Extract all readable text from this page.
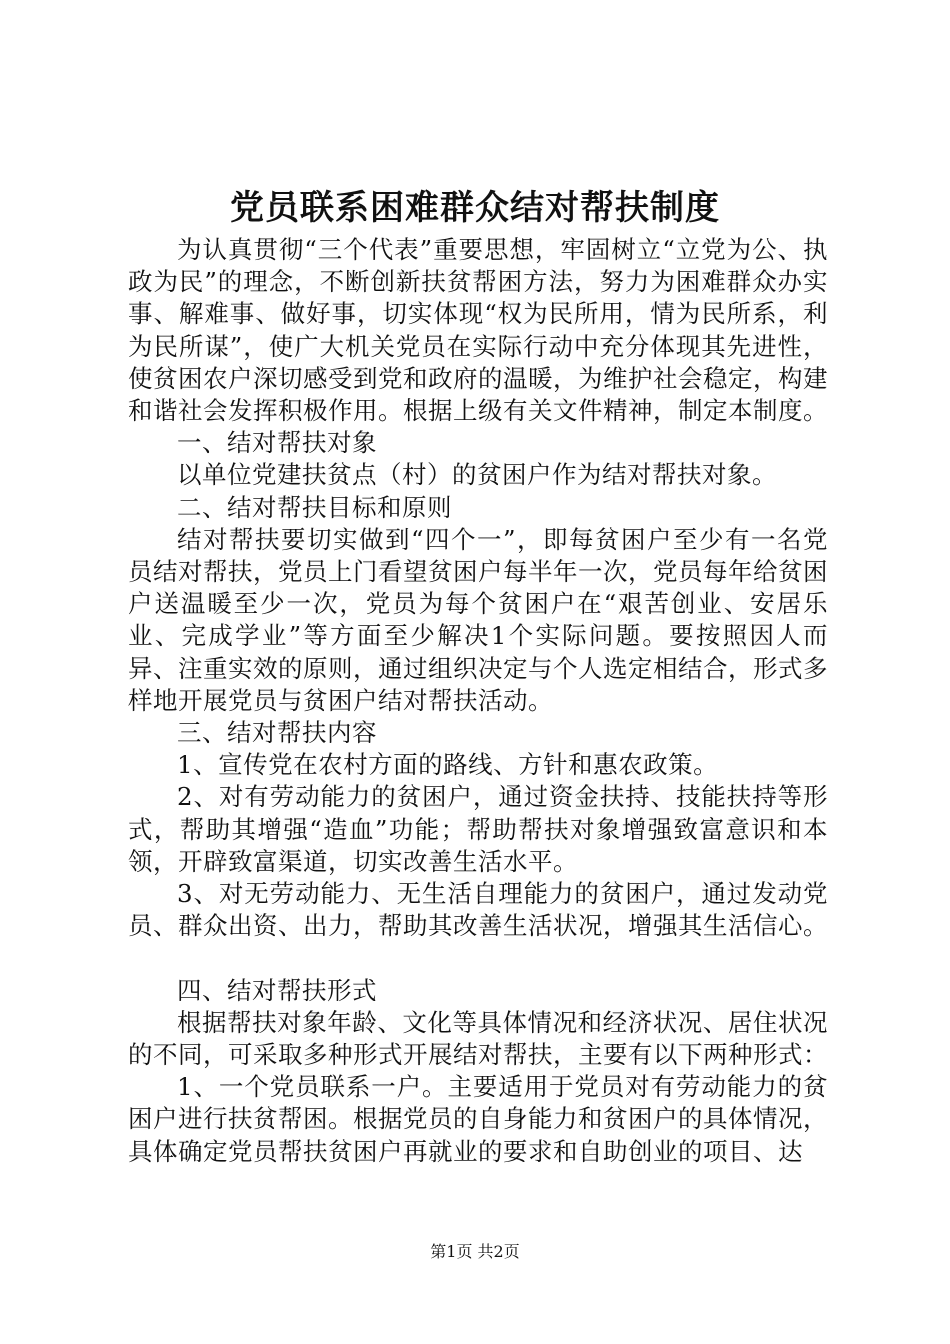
党员联系困难群众结对帮扶制度

为认真贯彻“三个代表”重要思想，牢固树立“立党为公、执政为民”的理念，不断创新扶贫帮困方法，努力为困难群众办实事、解难事、做好事，切实体现“权为民所用，情为民所系，利为民所谋”，使广大机关党员在实际行动中充分体现其先进性，使贫困农户深切感受到党和政府的温暖，为维护社会稳定，构建和谐社会发挥积极作用。根据上级有关文件精神，制定本制度。

一、结对帮扶对象

以单位党建扶贫点（村）的贫困户作为结对帮扶对象。

二、结对帮扶目标和原则

结对帮扶要切实做到“四个一”，即每贫困户至少有一名党员结对帮扶，党员上门看望贫困户每半年一次，党员每年给贫困户送温暖至少一次，党员为每个贫困户在“艰苦创业、安居乐业、完成学业”等方面至少解决1个实际问题。要按照因人而异、注重实效的原则，通过组织决定与个人选定相结合，形式多样地开展党员与贫困户结对帮扶活动。

三、结对帮扶内容

1、宣传党在农村方面的路线、方针和惠农政策。

2、对有劳动能力的贫困户，通过资金扶持、技能扶持等形式，帮助其增强“造血”功能；帮助帮扶对象增强致富意识和本领，开辟致富渠道，切实改善生活水平。

3、对无劳动能力、无生活自理能力的贫困户，通过发动党员、群众出资、出力，帮助其改善生活状况，增强其生活信心。

四、结对帮扶形式

根据帮扶对象年龄、文化等具体情况和经济状况、居住状况的不同，可采取多种形式开展结对帮扶，主要有以下两种形式：

1、一个党员联系一户。主要适用于党员对有劳动能力的贫困户进行扶贫帮困。根据党员的自身能力和贫困户的具体情况，具体确定党员帮扶贫困户再就业的要求和自助创业的项目、达

第1页 共2页
